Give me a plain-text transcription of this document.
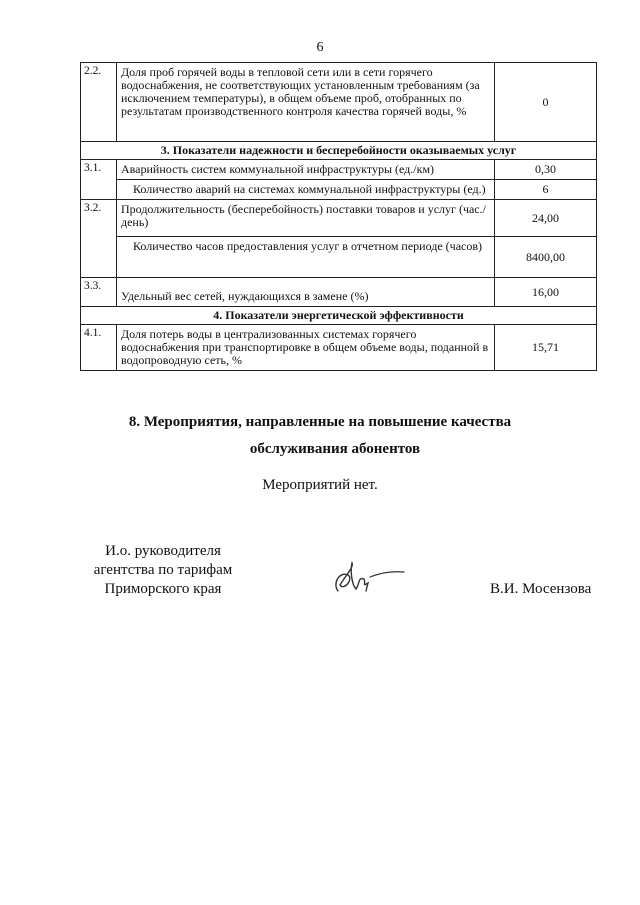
6
2.2.	Доля проб горячей воды в тепловой сети или в сети горячего водоснабжения, не соответствующих установленным требованиям (за исключением температуры), в общем объеме проб, отобранных по результатам производственного контроля качества горячей воды, %	0
3. Показатели надежности и бесперебойности оказываемых услуг		
3.1.	Аварийность систем коммунальной инфраструктуры (ед./км)	0,30
	Количество аварий на системах коммунальной инфраструктуры (ед.)	6
3.2.	Продолжительность (бесперебойность) поставки товаров и услуг (час./день)	24,00
	Количество часов предоставления услуг в отчетном периоде (часов)	8400,00
3.3.	Удельный вес сетей, нуждающихся в замене (%)	16,00
4. Показатели энергетической эффективности		
4.1.	Доля потерь воды в централизованных системах горячего водоснабжения при транспортировке в общем объеме воды, поданной в водопроводную сеть, %	15,71
8. Мероприятия, направленные на повышение качества
обслуживания абонентов
Мероприятий нет.
И.о. руководителя
агентства по тарифам
Приморского края	В.И. Мосензова
